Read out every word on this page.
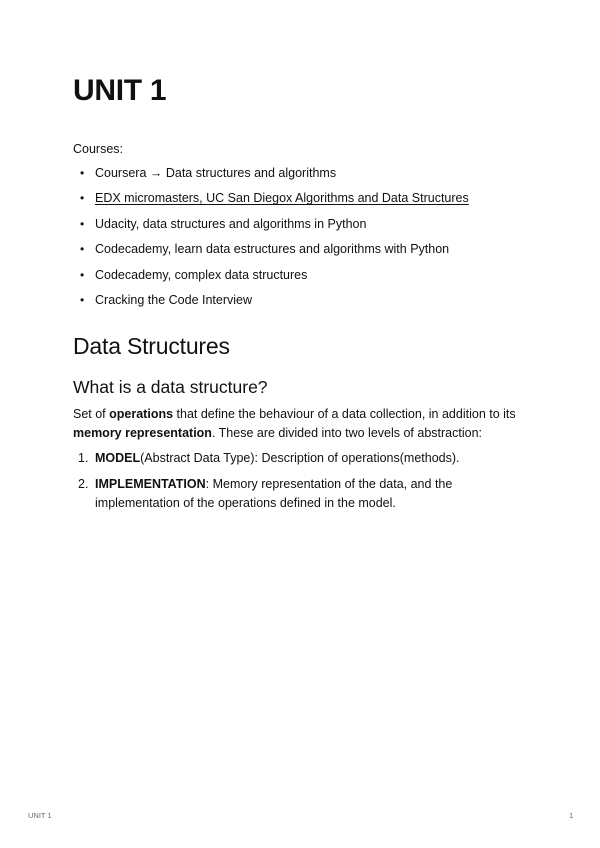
UNIT 1
Courses:
• Coursera → Data structures and algorithms
• EDX micromasters, UC San Diegox Algorithms and Data Structures
• Udacity, data structures and algorithms in Python
• Codecademy, learn data estructures and algorithms with Python
• Codecademy, complex data structures
• Cracking the Code Interview
Data Structures
What is a data structure?

Set of operations that define the behaviour of a data collection, in addition to its memory representation. These are divided into two levels of abstraction:

1. MODEL(Abstract Data Type): Description of operations(methods).
2. IMPLEMENTATION: Memory representation of the data, and the implementation of the operations defined in the model.
UNIT 1	1
